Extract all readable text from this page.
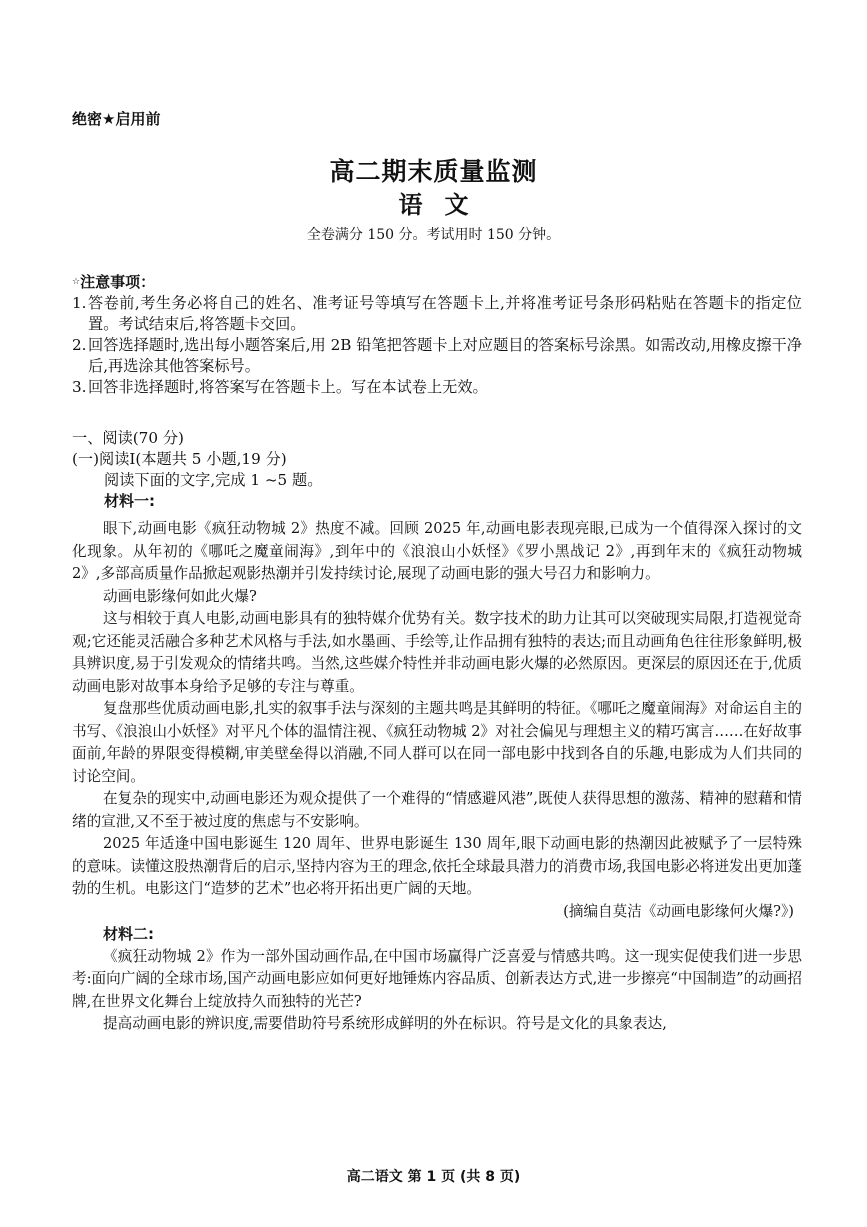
绝密★启用前
高二期末质量监测
语文
全卷满分 150 分。考试用时 150 分钟。
☆注意事项：
1. 答卷前,考生务必将自己的姓名、准考证号等填写在答题卡上,并将准考证号条形码粘贴在答题卡的指定位置。考试结束后,将答题卡交回。
2. 回答选择题时,选出每小题答案后,用 2B 铅笔把答题卡上对应题目的答案标号涂黑。如需改动,用橡皮擦干净后,再选涂其他答案标号。
3. 回答非选择题时,将答案写在答题卡上。写在本试卷上无效。
一、阅读(70 分)
(一)阅读Ⅰ(本题共 5 小题,19 分)
阅读下面的文字,完成 1 ~5 题。
材料一:

眼下,动画电影《疯狂动物城 2》热度不减。回顾 2025 年,动画电影表现亮眼,已成为一个值得深入探讨的文化现象。从年初的《哪吒之魔童闹海》,到年中的《浪浪山小妖怪》《罗小黑战记 2》,再到年末的《疯狂动物城 2》,多部高质量作品掀起观影热潮并引发持续讨论,展现了动画电影的强大号召力和影响力。

动画电影缘何如此火爆?

这与相较于真人电影,动画电影具有的独特媒介优势有关。数字技术的助力让其可以突破现实局限,打造视觉奇观;它还能灵活融合多种艺术风格与手法,如水墨画、手绘等,让作品拥有独特的表达;而且动画角色往往形象鲜明,极具辨识度,易于引发观众的情绪共鸣。当然,这些媒介特性并非动画电影火爆的必然原因。更深层的原因还在于,优质动画电影对故事本身给予足够的专注与尊重。

复盘那些优质动画电影,扎实的叙事手法与深刻的主题共鸣是其鲜明的特征。《哪吒之魔童闹海》对命运自主的书写、《浪浪山小妖怪》对平凡个体的温情注视、《疯狂动物城 2》对社会偏见与理想主义的精巧寓言……在好故事面前,年龄的界限变得模糊,审美壁垒得以消融,不同人群可以在同一部电影中找到各自的乐趣,电影成为人们共同的讨论空间。

在复杂的现实中,动画电影还为观众提供了一个难得的“情感避风港”,既使人获得思想的激荡、精神的慰藉和情绪的宣泄,又不至于被过度的焦虑与不安影响。

2025 年适逢中国电影诞生 120 周年、世界电影诞生 130 周年,眼下动画电影的热潮因此被赋予了一层特殊的意味。读懂这股热潮背后的启示,坚持内容为王的理念,依托全球最具潜力的消费市场,我国电影必将迸发出更加蓬勃的生机。电影这门“造梦的艺术”也必将开拓出更广阔的天地。

(摘编自莫洁《动画电影缘何火爆?》)

材料二:

《疯狂动物城 2》作为一部外国动画作品,在中国市场赢得广泛喜爱与情感共鸣。这一现实促使我们进一步思考:面向广阔的全球市场,国产动画电影应如何更好地锤炼内容品质、创新表达方式,进一步擦亮“中国制造”的动画招牌,在世界文化舞台上绽放持久而独特的光芒?

提高动画电影的辨识度,需要借助符号系统形成鲜明的外在标识。符号是文化的具象表达,

高二语文 第 1 页 (共 8 页)
